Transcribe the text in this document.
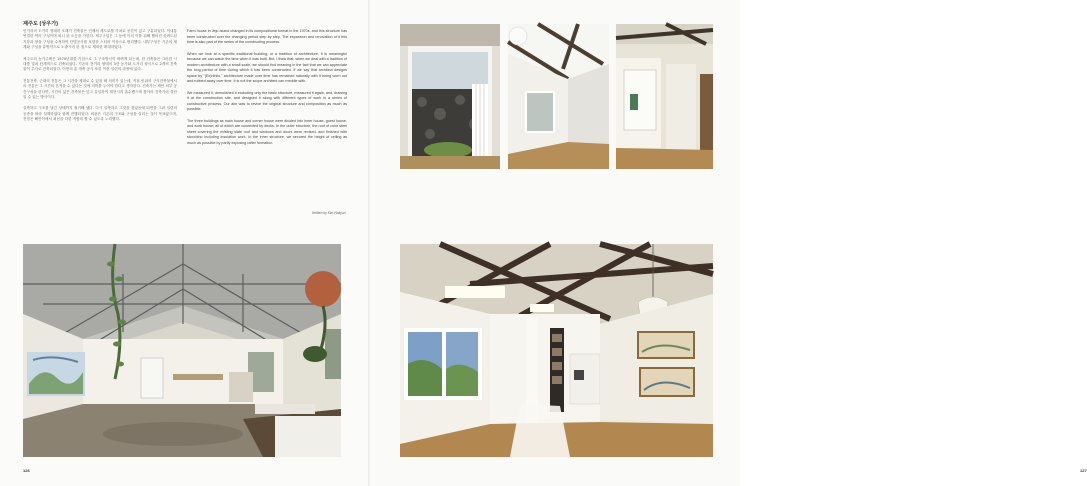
제주도 (상우가)

인거리의 도거리 형태의 오래가 건축물은 인제처 제도로를 가치로 공간이 있고 구분되었다. 이내통 연결한 여러 구성이며 외니 된 오등을 가한다. 제주구입은 그 동에 이의 이를 위해 했어진 올려도된 지붕과 창을 구성을 수정하여 단빛공사를 포함한 스터라 이상으로 합리했다. 내부구성은 기존의 세계와 구성을 유방약으로 노출시켜 한 집으로 제외한 확대하였다.

제주도의 농가주택은 1970년대를 기점으로 그 구조방식이 바뀌게 되는데, 한 건축물은 그러한 시대를 걸쳐 단계적으로 건축되었다. 기존의 전거리 형태의 3칸 농가와 도거리 형식으로 2개의 건축물이 추가로 건축되었다. 이번의 총 개축 공사 또한 이런 일련의 과정에 있다.

전통건축, 근대의 전통은 그 시간을 제대로 수 있을 때 의미가 있는데, 직접 인위의 구식건축물에서의 전통은 그 시간의 흔적을 수 있다는 것에 의미를 두어야 한다고 생각한다. 건축가는 제안 외부 공간구성을 한다면, 시간의 넓은 건축물은 앞고 유입하여 재현시켜 흡수했으며 찾아라 건축가의 결단일 수 있는 방식이다.

실측하고 구조를 남긴 상태까지 철거해 냈다. 다시 실측하고 그것을 찾았음에 되면을 그려 일련의 공종을 따라 설계하였다 함께 진행되었다. 외관은 기존의 구조와 구성을 살리는 것이 목표였으며, 전망은 해안이에서 최선을 다한 적합의 할 수 있도록 노력했다.

Farm house in Jeju Island changed in its compositional format in the 1970s, and this structure has been constructed over the changing period step by step. The expansion and renovation of it this time is also part of the series of the constructing process.

When we look at a specific traditional building, or a tradition of architecture, it is meaningful because we can watch the time when it was built. But, I think that, when we deal with a tradition of modern architecture with a small scale, we should find meaning in the fact that we can appreciate the long period of time during which it has been constructed. If we say that architect designs space by "(Ex)nihilo," architecture made over time has remained naturally with it being worn out and rubbed away over time. It is not the scope architect can meddle with.

We measured it, demolished it excluding only the basic structure, measured it again, and, drawing it at the construction site, and designed it along with different types of work in a series of constructive process. Our aim was to revive the original structure and composition as much as possible.

The three buildings as main house and corner house were divided into inner house, guest house, and work house; all of which are connected by decks. In the outer structure, the roof of color steel sheet covering the existing slate roof and windows and doors were revised, and finished with stucchino including insulation work. In the inner structure, we secured the height of ceiling as much as possible by partly exposing rafter formation.

Written by Kim Hakyun
126	127
